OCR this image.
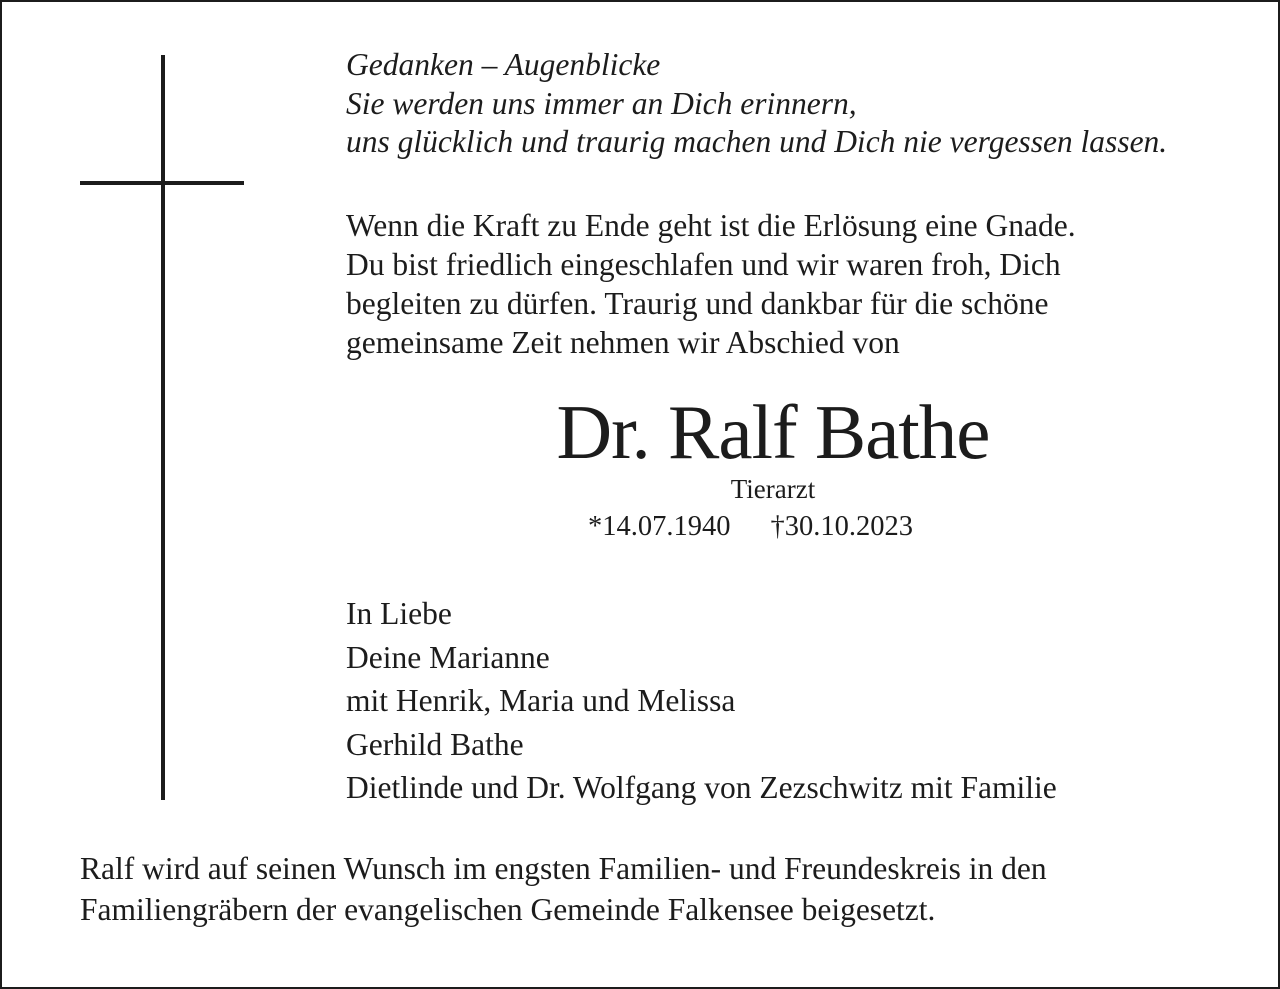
Gedanken – Augenblicke
Sie werden uns immer an Dich erinnern,
uns glücklich und traurig machen und Dich nie vergessen lassen.
Wenn die Kraft zu Ende geht ist die Erlösung eine Gnade.
Du bist friedlich eingeschlafen und wir waren froh, Dich
begleiten zu dürfen. Traurig und dankbar für die schöne
gemeinsame Zeit nehmen wir Abschied von
Dr. Ralf Bathe
Tierarzt
*14.07.1940 †30.10.2023
In Liebe
Deine Marianne
mit Henrik, Maria und Melissa
Gerhild Bathe
Dietlinde und Dr. Wolfgang von Zezschwitz mit Familie
Ralf wird auf seinen Wunsch im engsten Familien- und Freundeskreis in den
Familiengräbern der evangelischen Gemeinde Falkensee beigesetzt.
